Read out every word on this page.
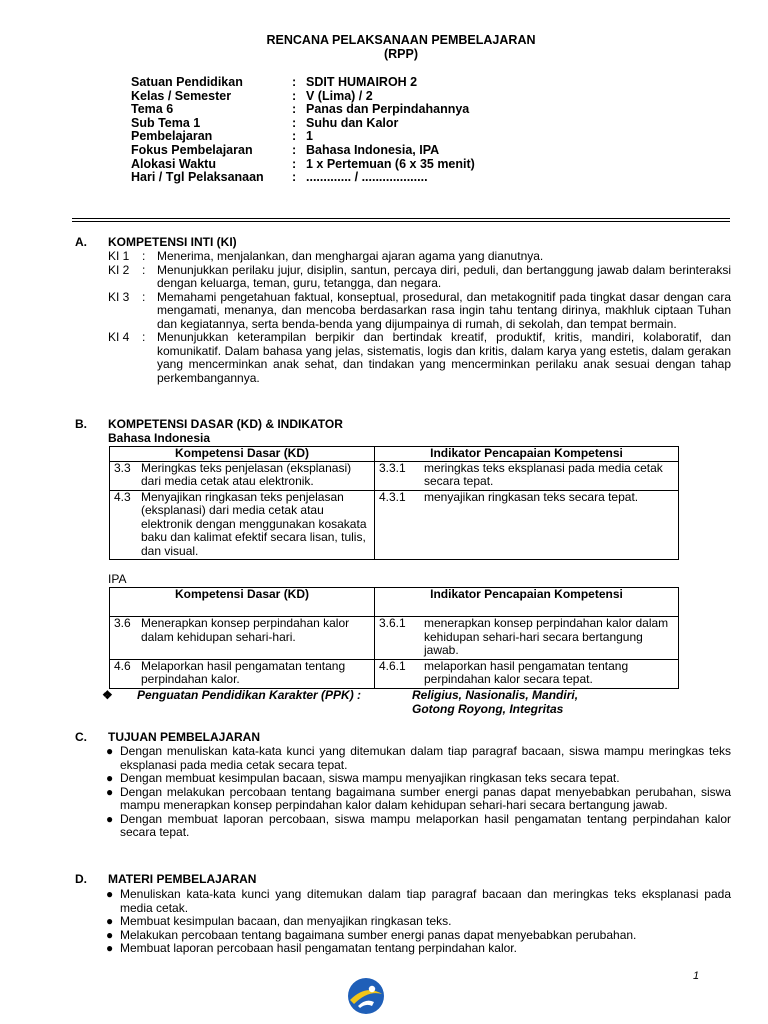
RENCANA PELAKSANAAN PEMBELAJARAN
(RPP)
Satuan Pendidikan	: SDIT HUMAIROH 2
Kelas / Semester	: V (Lima) / 2
Tema 6	: Panas dan Perpindahannya
Sub Tema 1	: Suhu dan Kalor
Pembelajaran	: 1
Fokus Pembelajaran	: Bahasa Indonesia, IPA
Alokasi Waktu	: 1 x Pertemuan (6 x 35 menit)
Hari / Tgl Pelaksanaan	: ............. / ...................
A. KOMPETENSI INTI (KI)
KI 1	: Menerima, menjalankan, dan menghargai ajaran agama yang dianutnya.
KI 2	: Menunjukkan perilaku jujur, disiplin, santun, percaya diri, peduli, dan bertanggung jawab dalam berinteraksi dengan keluarga, teman, guru, tetangga, dan negara.
KI 3	: Memahami pengetahuan faktual, konseptual, prosedural, dan metakognitif pada tingkat dasar dengan cara mengamati, menanya, dan mencoba berdasarkan rasa ingin tahu tentang dirinya, makhluk ciptaan Tuhan dan kegiatannya, serta benda-benda yang dijumpainya di rumah, di sekolah, dan tempat bermain.
KI 4	: Menunjukkan keterampilan berpikir dan bertindak kreatif, produktif, kritis, mandiri, kolaboratif, dan komunikatif. Dalam bahasa yang jelas, sistematis, logis dan kritis, dalam karya yang estetis, dalam gerakan yang mencerminkan anak sehat, dan tindakan yang mencerminkan perilaku anak sesuai dengan tahap perkembangannya.
B. KOMPETENSI DASAR (KD) & INDIKATOR
Bahasa Indonesia
Kompetensi Dasar (KD)	Indikator Pencapaian Kompetensi

3.3 Meringkas teks penjelasan (eksplanasi) dari media cetak atau elektronik.	3.3.1 meringkas teks eksplanasi pada media cetak secara tepat.

4.3 Menyajikan ringkasan teks penjelasan (eksplanasi) dari media cetak atau elektronik dengan menggunakan kosakata baku dan kalimat efektif secara lisan, tulis, dan visual.	4.3.1 menyajikan ringkasan teks secara tepat.
IPA
Kompetensi Dasar (KD)	Indikator Pencapaian Kompetensi

3.6 Menerapkan konsep perpindahan kalor dalam kehidupan sehari-hari.	3.6.1 menerapkan konsep perpindahan kalor dalam kehidupan sehari-hari secara bertangung jawab.

4.6 Melaporkan hasil pengamatan tentang perpindahan kalor.	4.6.1 melaporkan hasil pengamatan tentang perpindahan kalor secara tepat.
❖	Penguatan Pendidikan Karakter (PPK) :	Religius, Nasionalis, Mandiri,
Gotong Royong, Integritas
C. TUJUAN PEMBELAJARAN
● Dengan menuliskan kata-kata kunci yang ditemukan dalam tiap paragraf bacaan, siswa mampu meringkas teks eksplanasi pada media cetak secara tepat.
● Dengan membuat kesimpulan bacaan, siswa mampu menyajikan ringkasan teks secara tepat.
● Dengan melakukan percobaan tentang bagaimana sumber energi panas dapat menyebabkan perubahan, siswa mampu menerapkan konsep perpindahan kalor dalam kehidupan sehari-hari secara bertangung jawab.
● Dengan membuat laporan percobaan, siswa mampu melaporkan hasil pengamatan tentang perpindahan kalor secara tepat.
D. MATERI PEMBELAJARAN
● Menuliskan kata-kata kunci yang ditemukan dalam tiap paragraf bacaan dan meringkas teks eksplanasi pada media cetak.
● Membuat kesimpulan bacaan, dan menyajikan ringkasan teks.
● Melakukan percobaan tentang bagaimana sumber energi panas dapat menyebabkan perubahan.
● Membuat laporan percobaan hasil pengamatan tentang perpindahan kalor.
1
